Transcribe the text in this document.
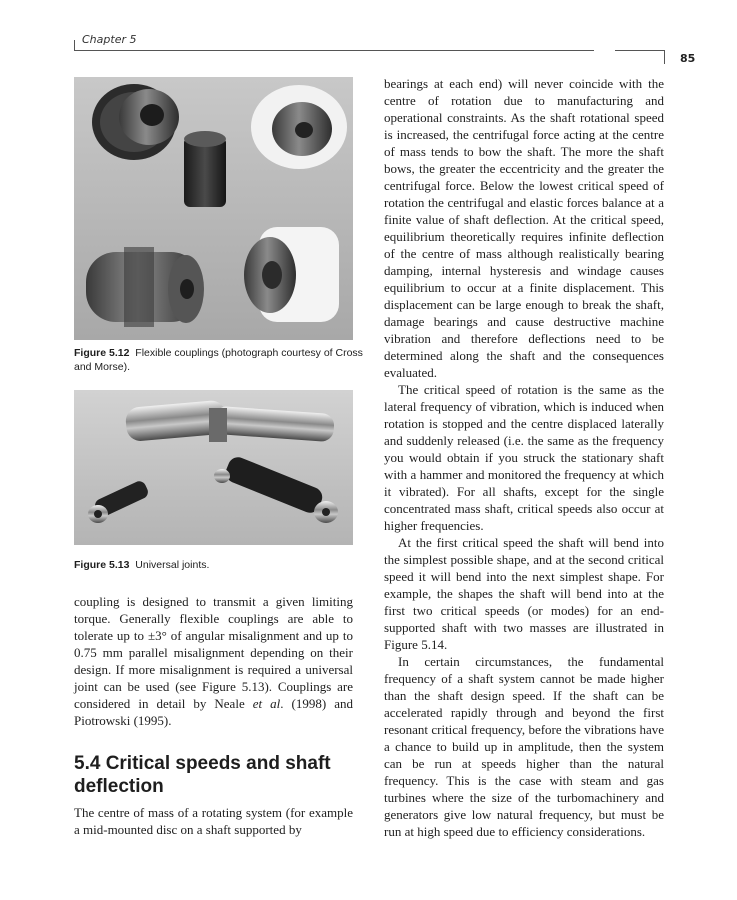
Chapter 5
85
Figure 5.12 Flexible couplings (photograph courtesy of Cross and Morse).
Figure 5.13 Universal joints.

coupling is designed to transmit a given limiting torque. Generally flexible couplings are able to tolerate up to ±3° of angular misalignment and up to 0.75 mm parallel misalignment depending on their design. If more misalignment is required a universal joint can be used (see Figure 5.13). Couplings are considered in detail by Neale et al. (1998) and Piotrowski (1995).

5.4 Critical speeds and shaft deflection

The centre of mass of a rotating system (for example a mid-mounted disc on a shaft supported by

bearings at each end) will never coincide with the centre of rotation due to manufacturing and operational constraints. As the shaft rotational speed is increased, the centrifugal force acting at the centre of mass tends to bow the shaft. The more the shaft bows, the greater the eccentricity and the greater the centrifugal force. Below the lowest critical speed of rotation the centrifugal and elastic forces balance at a finite value of shaft deflection. At the critical speed, equilibrium theoretically requires infinite deflection of the centre of mass although realistically bearing damping, internal hysteresis and windage causes equilibrium to occur at a finite displacement. This displacement can be large enough to break the shaft, damage bearings and cause destructive machine vibration and therefore deflections need to be determined along the shaft and the consequences evaluated.

The critical speed of rotation is the same as the lateral frequency of vibration, which is induced when rotation is stopped and the centre displaced laterally and suddenly released (i.e. the same as the frequency you would obtain if you struck the stationary shaft with a hammer and monitored the frequency at which it vibrated). For all shafts, except for the single concentrated mass shaft, critical speeds also occur at higher frequencies.

At the first critical speed the shaft will bend into the simplest possible shape, and at the second critical speed it will bend into the next simplest shape. For example, the shapes the shaft will bend into at the first two critical speeds (or modes) for an end-supported shaft with two masses are illustrated in Figure 5.14.

In certain circumstances, the fundamental frequency of a shaft system cannot be made higher than the shaft design speed. If the shaft can be accelerated rapidly through and beyond the first resonant critical frequency, before the vibrations have a chance to build up in amplitude, then the system can be run at speeds higher than the natural frequency. This is the case with steam and gas turbines where the size of the turbomachinery and generators give low natural frequency, but must be run at high speed due to efficiency considerations.
